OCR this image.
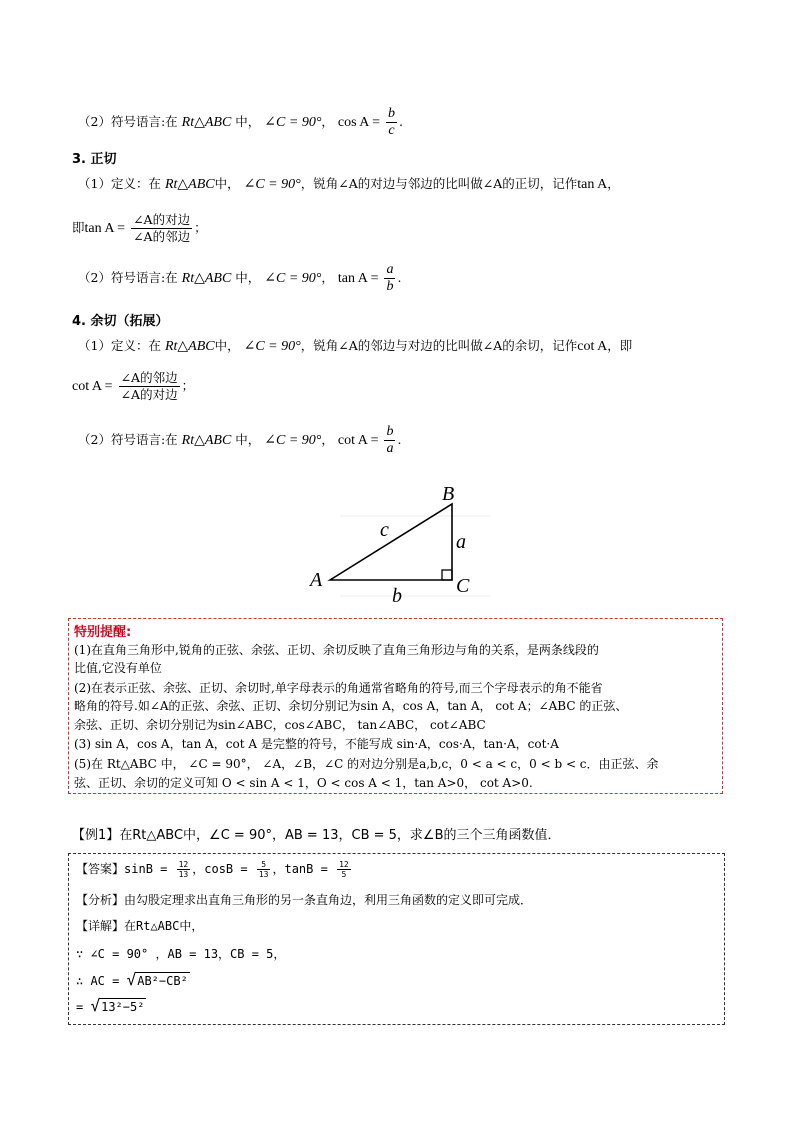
（2）符号语言:在 Rt△ABC 中， ∠C = 90°， $\cos A = \frac{b}{c}$ .
3. 正切
（1）定义：在 Rt△ABC中， ∠C = 90°，锐角∠A的对边与邻边的比叫做∠A的正切，记作tan A，
即$\tan A = \frac{\text{∠A的对边}}{\text{∠A的邻边}}$ ；
（2）符号语言:在 Rt△ABC 中， ∠C = 90°， $\tan A = \frac{a}{b}$ .
4. 余切（拓展）
（1）定义：在 Rt△ABC中， ∠C = 90°，锐角∠A的邻边与对边的比叫做∠A的余切，记作cot A，即
$\cot A = \frac{\text{∠A的邻边}}{\text{∠A的对边}}$ ；
（2）符号语言:在 Rt△ABC 中， ∠C = 90°， $\cot A = \frac{b}{a}$ .
A
B
C
a
b
c
特别提醒:
(1)在直角三角形中,锐角的正弦、余弦、正切、余切反映了直角三角形边与角的关系，是两条线段的
比值,它没有单位
(2)在表示正弦、余弦、正切、余切时,单字母表示的角通常省略角的符号,而三个字母表示的角不能省
略角的符号.如∠A的正弦、余弦、正切、余切分别记为sin A，cos A，tan A， cot A；∠ABC 的正弦、
余弦、正切、余切分别记为sin∠ABC，cos∠ABC， tan∠ABC， cot∠ABC
(3) sin A，cos A，tan A，cot A 是完整的符号，不能写成 sin·A，cos·A，tan·A，cot·A
(5)在 Rt△ABC 中， ∠C = 90°， ∠A，∠B，∠C 的对边分别是a,b,c，0 < a < c，0 < b < c．由正弦、余
弦、正切、余切的定义可知 O < sin A < 1，O < cos A < 1，tan A>0， cot A>0.
【例1】在Rt△ABC中，∠C = 90°，AB = 13，CB = 5，求∠B的三个三角函数值．
【答案】$\sin B = \frac{12}{13}$ ，$\cos B = \frac{5}{13}$ ，$\tan B = \frac{12}{5}$
【分析】由勾股定理求出直角三角形的另一条直角边，利用三角函数的定义即可完成．
【详解】在Rt△ABC中，
∵ ∠C = 90° ，AB = 13，CB = 5，
∴ AC = √AB²−CB²
= √13²−5²
